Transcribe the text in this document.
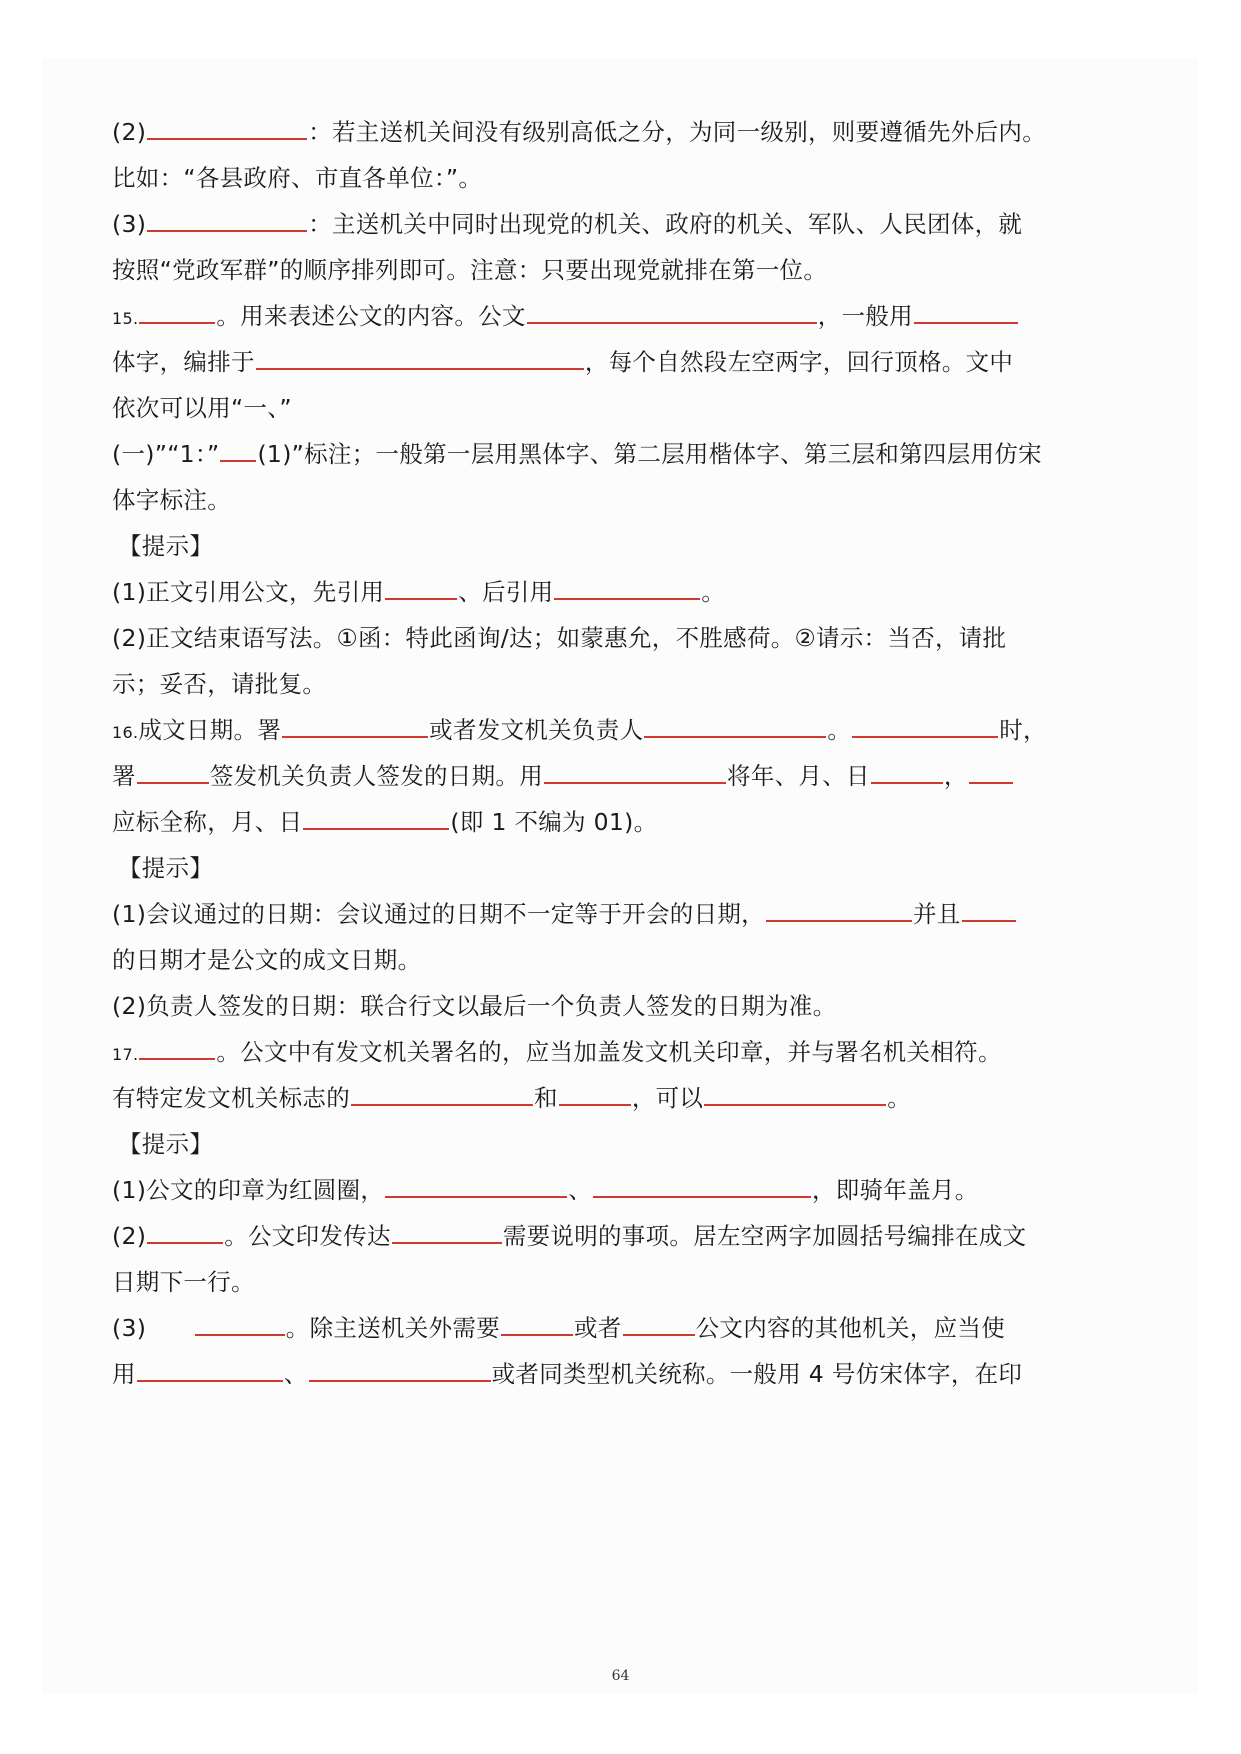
(2)	：若主送机关间没有级别高低之分，为同一级别，则要遵循先外后内。
比如：“各县政府、市直各单位：”。
(3)	：主送机关中同时出现党的机关、政府的机关、军队、人民团体，就
按照“党政军群”的顺序排列即可。注意：只要出现党就排在第一位。
15.	。用来表述公文的内容。公文	，一般用
体字，编排于	，每个自然段左空两字，回行顶格。文中
依次可以用“一、”
(一)”“1：” (1)”标注；一般第一层用黑体字、第二层用楷体字、第三层和第四层用仿宋
体字标注。
【提示】
(1)正文引用公文，先引用	、后引用	。
(2)正文结束语写法。①函：特此函询/达；如蒙惠允，不胜感荷。②请示：当否，请批
示；妥否，请批复。
16.成文日期。署	或者发文机关负责人	。	时，
署	签发机关负责人签发的日期。用	将年、月、日	，
应标全称，月、日	(即 1 不编为 01)。
【提示】
(1)会议通过的日期：会议通过的日期不一定等于开会的日期，	并且
的日期才是公文的成文日期。
(2)负责人签发的日期：联合行文以最后一个负责人签发的日期为准。
17.	。公文中有发文机关署名的，应当加盖发文机关印章，并与署名机关相符。
有特定发文机关标志的	和	，可以	。
【提示】
(1)公文的印章为红圆圈，	、	，即骑年盖月。
(2)	。公文印发传达	需要说明的事项。居左空两字加圆括号编排在成文
日期下一行。
(3)　　	。除主送机关外需要	或者	公文内容的其他机关，应当使
用	、	或者同类型机关统称。一般用 4 号仿宋体字，在印
64
